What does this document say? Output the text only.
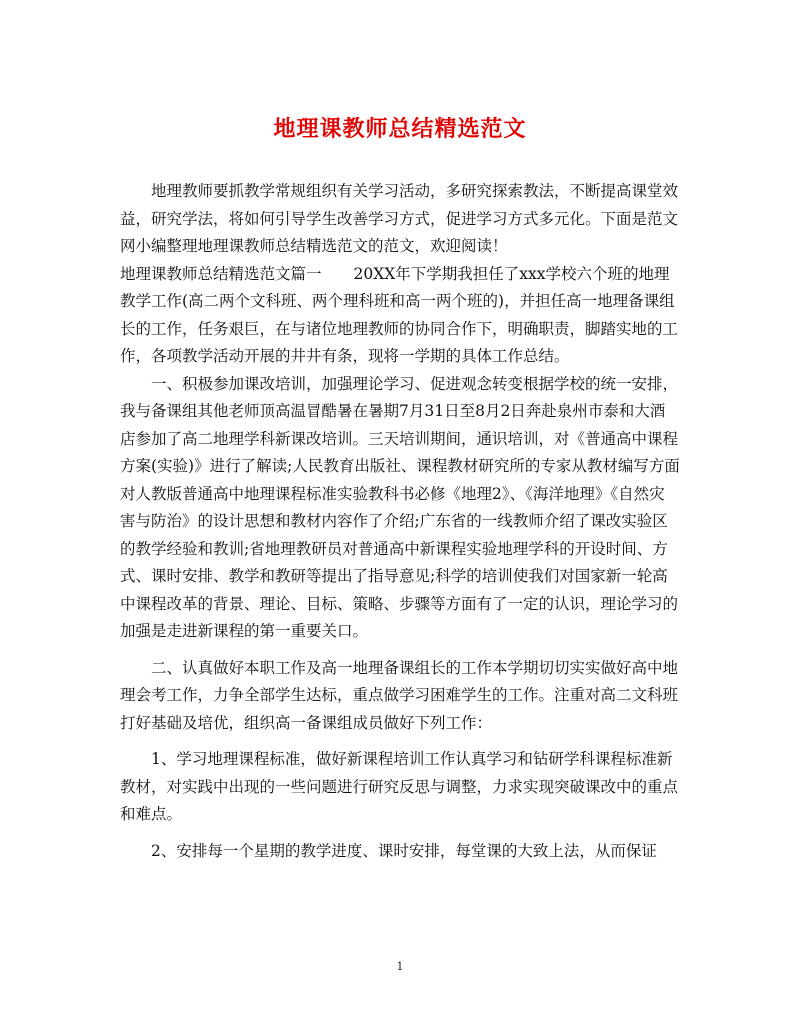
地理课教师总结精选范文

地理教师要抓教学常规组织有关学习活动，多研究探索教法，不断提高课堂效益，研究学法，将如何引导学生改善学习方式，促进学习方式多元化。下面是范文网小编整理地理课教师总结精选范文的范文，欢迎阅读！

地理课教师总结精选范文篇一 20XX年下学期我担任了xxx学校六个班的地理教学工作(高二两个文科班、两个理科班和高一两个班的)，并担任高一地理备课组长的工作，任务艰巨，在与诸位地理教师的协同合作下，明确职责，脚踏实地的工作，各项教学活动开展的井井有条，现将一学期的具体工作总结。

一、积极参加课改培训，加强理论学习、促进观念转变根据学校的统一安排，我与备课组其他老师顶高温冒酷暑在暑期7月31日至8月2日奔赴泉州市泰和大酒店参加了高二地理学科新课改培训。三天培训期间，通识培训，对《普通高中课程方案(实验)》进行了解读;人民教育出版社、课程教材研究所的专家从教材编写方面对人教版普通高中地理课程标准实验教科书必修《地理2》、《海洋地理》《自然灾害与防治》的设计思想和教材内容作了介绍;广东省的一线教师介绍了课改实验区的教学经验和教训;省地理教研员对普通高中新课程实验地理学科的开设时间、方式、课时安排、教学和教研等提出了指导意见;科学的培训使我们对国家新一轮高中课程改革的背景、理论、目标、策略、步骤等方面有了一定的认识，理论学习的加强是走进新课程的第一重要关口。

二、认真做好本职工作及高一地理备课组长的工作本学期切切实实做好高中地理会考工作，力争全部学生达标，重点做学习困难学生的工作。注重对高二文科班打好基础及培优，组织高一备课组成员做好下列工作：

1、学习地理课程标准，做好新课程培训工作认真学习和钻研学科课程标准新教材，对实践中出现的一些问题进行研究反思与调整，力求实现突破课改中的重点和难点。

2、安排每一个星期的教学进度、课时安排，每堂课的大致上法，从而保证

1
